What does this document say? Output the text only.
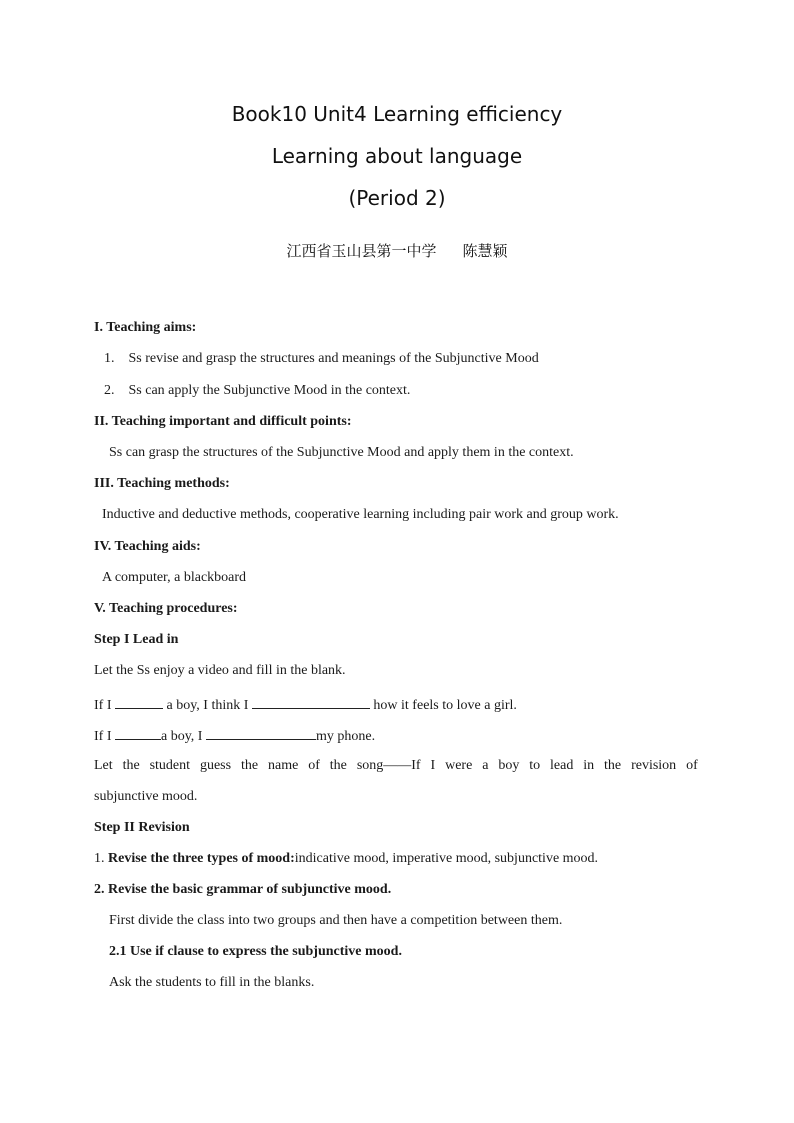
Book10 Unit4 Learning efficiency
Learning about language
(Period 2)
江西省玉山县第一中学 陈慧颖
I. Teaching aims:
1. Ss revise and grasp the structures and meanings of the Subjunctive Mood
2. Ss can apply the Subjunctive Mood in the context.
II. Teaching important and difficult points:
Ss can grasp the structures of the Subjunctive Mood and apply them in the context.
III. Teaching methods:
Inductive and deductive methods, cooperative learning including pair work and group work.
IV. Teaching aids:
A computer, a blackboard
V. Teaching procedures:
Step I Lead in
Let the Ss enjoy a video and fill in the blank.
If I	a boy, I think I	how it feels to love a girl.
If I	a boy, I	my phone.
Let the student guess the name of the song——If I were a boy to lead in the revision of
subjunctive mood.
Step II Revision
1. Revise the three types of mood:indicative mood, imperative mood, subjunctive mood.
2. Revise the basic grammar of subjunctive mood.
First divide the class into two groups and then have a competition between them.
2.1 Use if clause to express the subjunctive mood.
Ask the students to fill in the blanks.
